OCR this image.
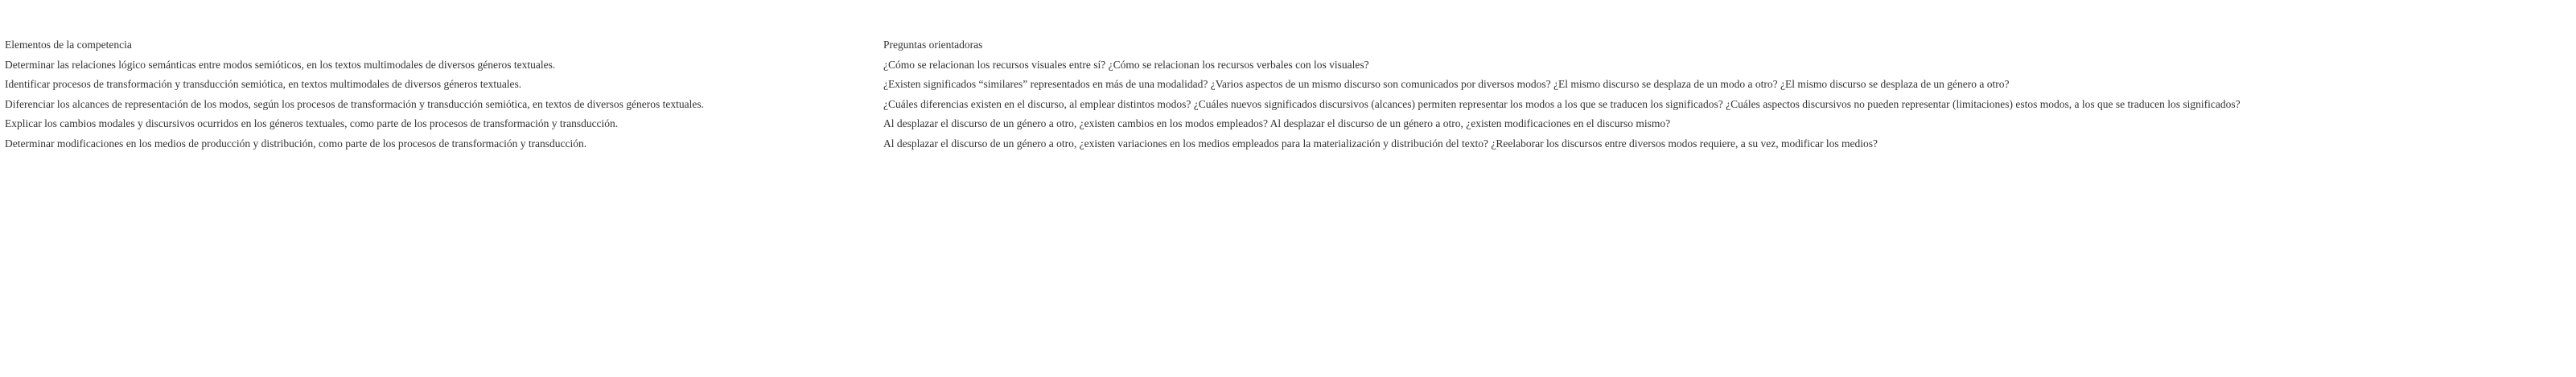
Elementos de la competencia	Preguntas orientadoras
Determinar las relaciones lógico semánticas entre modos semióticos, en los textos multimodales de diversos géneros textuales.	¿Cómo se relacionan los recursos visuales entre sí? ¿Cómo se relacionan los recursos verbales con los visuales?
Identificar procesos de transformación y transducción semiótica, en textos multimodales de diversos géneros textuales.	¿Existen significados “similares” representados en más de una modalidad? ¿Varios aspectos de un mismo discurso son comunicados por diversos modos? ¿El mismo discurso se desplaza de un modo a otro? ¿El mismo discurso se desplaza de un género a otro?
Diferenciar los alcances de representación de los modos, según los procesos de transformación y transducción semiótica, en textos de diversos géneros textuales.	¿Cuáles diferencias existen en el discurso, al emplear distintos modos? ¿Cuáles nuevos significados discursivos (alcances) permiten representar los modos a los que se traducen los significados? ¿Cuáles aspectos discursivos no pueden representar (limitaciones) estos modos, a los que se traducen los significados?
Explicar los cambios modales y discursivos ocurridos en los géneros textuales, como parte de los procesos de transformación y transducción.	Al desplazar el discurso de un género a otro, ¿existen cambios en los modos empleados? Al desplazar el discurso de un género a otro, ¿existen modificaciones en el discurso mismo?
Determinar modificaciones en los medios de producción y distribución, como parte de los procesos de transformación y transducción.	Al desplazar el discurso de un género a otro, ¿existen variaciones en los medios empleados para la materialización y distribución del texto? ¿Reelaborar los discursos entre diversos modos requiere, a su vez, modificar los medios?
